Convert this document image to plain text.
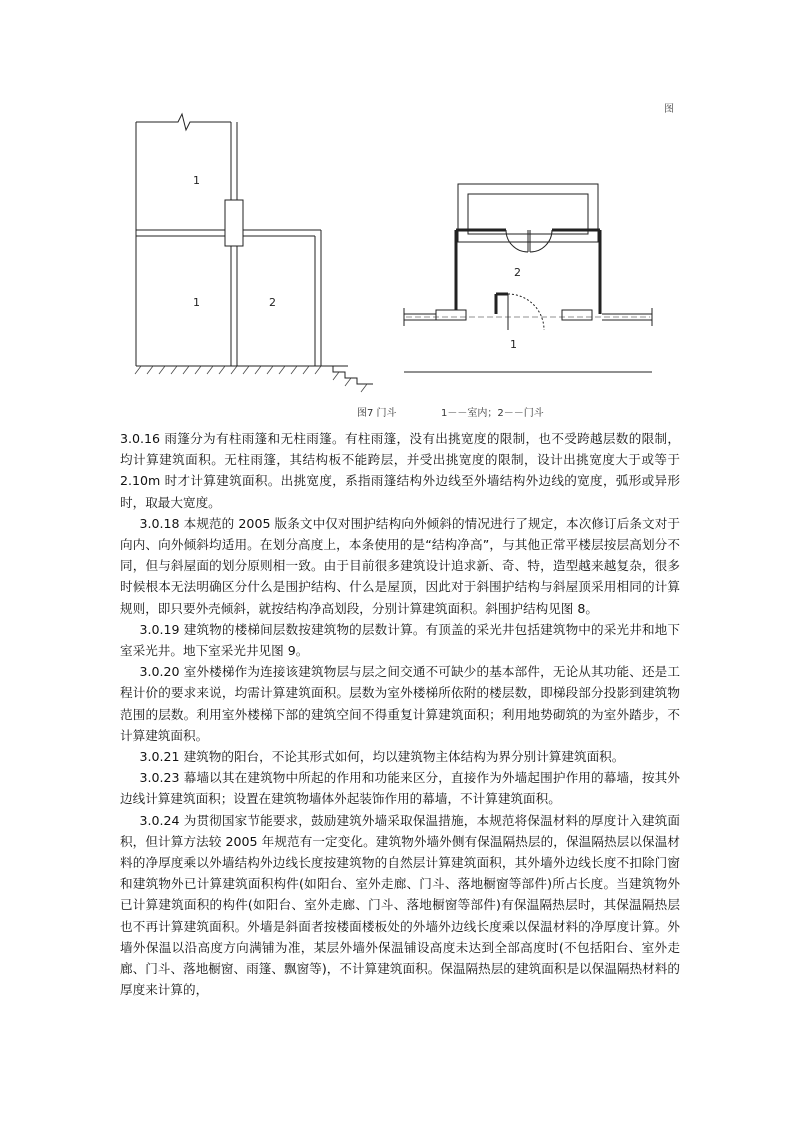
1
1	2
2
1
图
图7 门斗	1－－室内；2－－门斗

3.0.16 雨篷分为有柱雨篷和无柱雨篷。有柱雨篷，没有出挑宽度的限制，也不受跨越层数的限制，均计算建筑面积。无柱雨篷，其结构板不能跨层，并受出挑宽度的限制，设计出挑宽度大于或等于 2.10m 时才计算建筑面积。出挑宽度，系指雨篷结构外边线至外墙结构外边线的宽度，弧形或异形时，取最大宽度。

3.0.18 本规范的 2005 版条文中仅对围护结构向外倾斜的情况进行了规定，本次修订后条文对于向内、向外倾斜均适用。在划分高度上，本条使用的是“结构净高”，与其他正常平楼层按层高划分不同，但与斜屋面的划分原则相一致。由于目前很多建筑设计追求新、奇、特，造型越来越复杂，很多时候根本无法明确区分什么是围护结构、什么是屋顶，因此对于斜围护结构与斜屋顶采用相同的计算规则，即只要外壳倾斜，就按结构净高划段，分别计算建筑面积。斜围护结构见图 8。

3.0.19 建筑物的楼梯间层数按建筑物的层数计算。有顶盖的采光井包括建筑物中的采光井和地下室采光井。地下室采光井见图 9。

3.0.20 室外楼梯作为连接该建筑物层与层之间交通不可缺少的基本部件，无论从其功能、还是工程计价的要求来说，均需计算建筑面积。层数为室外楼梯所依附的楼层数，即梯段部分投影到建筑物范围的层数。利用室外楼梯下部的建筑空间不得重复计算建筑面积；利用地势砌筑的为室外踏步，不计算建筑面积。

3.0.21 建筑物的阳台，不论其形式如何，均以建筑物主体结构为界分别计算建筑面积。

3.0.23 幕墙以其在建筑物中所起的作用和功能来区分，直接作为外墙起围护作用的幕墙，按其外边线计算建筑面积；设置在建筑物墙体外起装饰作用的幕墙，不计算建筑面积。

3.0.24 为贯彻国家节能要求，鼓励建筑外墙采取保温措施，本规范将保温材料的厚度计入建筑面积，但计算方法较 2005 年规范有一定变化。建筑物外墙外侧有保温隔热层的，保温隔热层以保温材料的净厚度乘以外墙结构外边线长度按建筑物的自然层计算建筑面积，其外墙外边线长度不扣除门窗和建筑物外已计算建筑面积构件(如阳台、室外走廊、门斗、落地橱窗等部件)所占长度。当建筑物外已计算建筑面积的构件(如阳台、室外走廊、门斗、落地橱窗等部件)有保温隔热层时，其保温隔热层也不再计算建筑面积。外墙是斜面者按楼面楼板处的外墙外边线长度乘以保温材料的净厚度计算。外墙外保温以沿高度方向满铺为准，某层外墙外保温铺设高度未达到全部高度时(不包括阳台、室外走廊、门斗、落地橱窗、雨篷、飘窗等)，不计算建筑面积。保温隔热层的建筑面积是以保温隔热材料的厚度来计算的，
